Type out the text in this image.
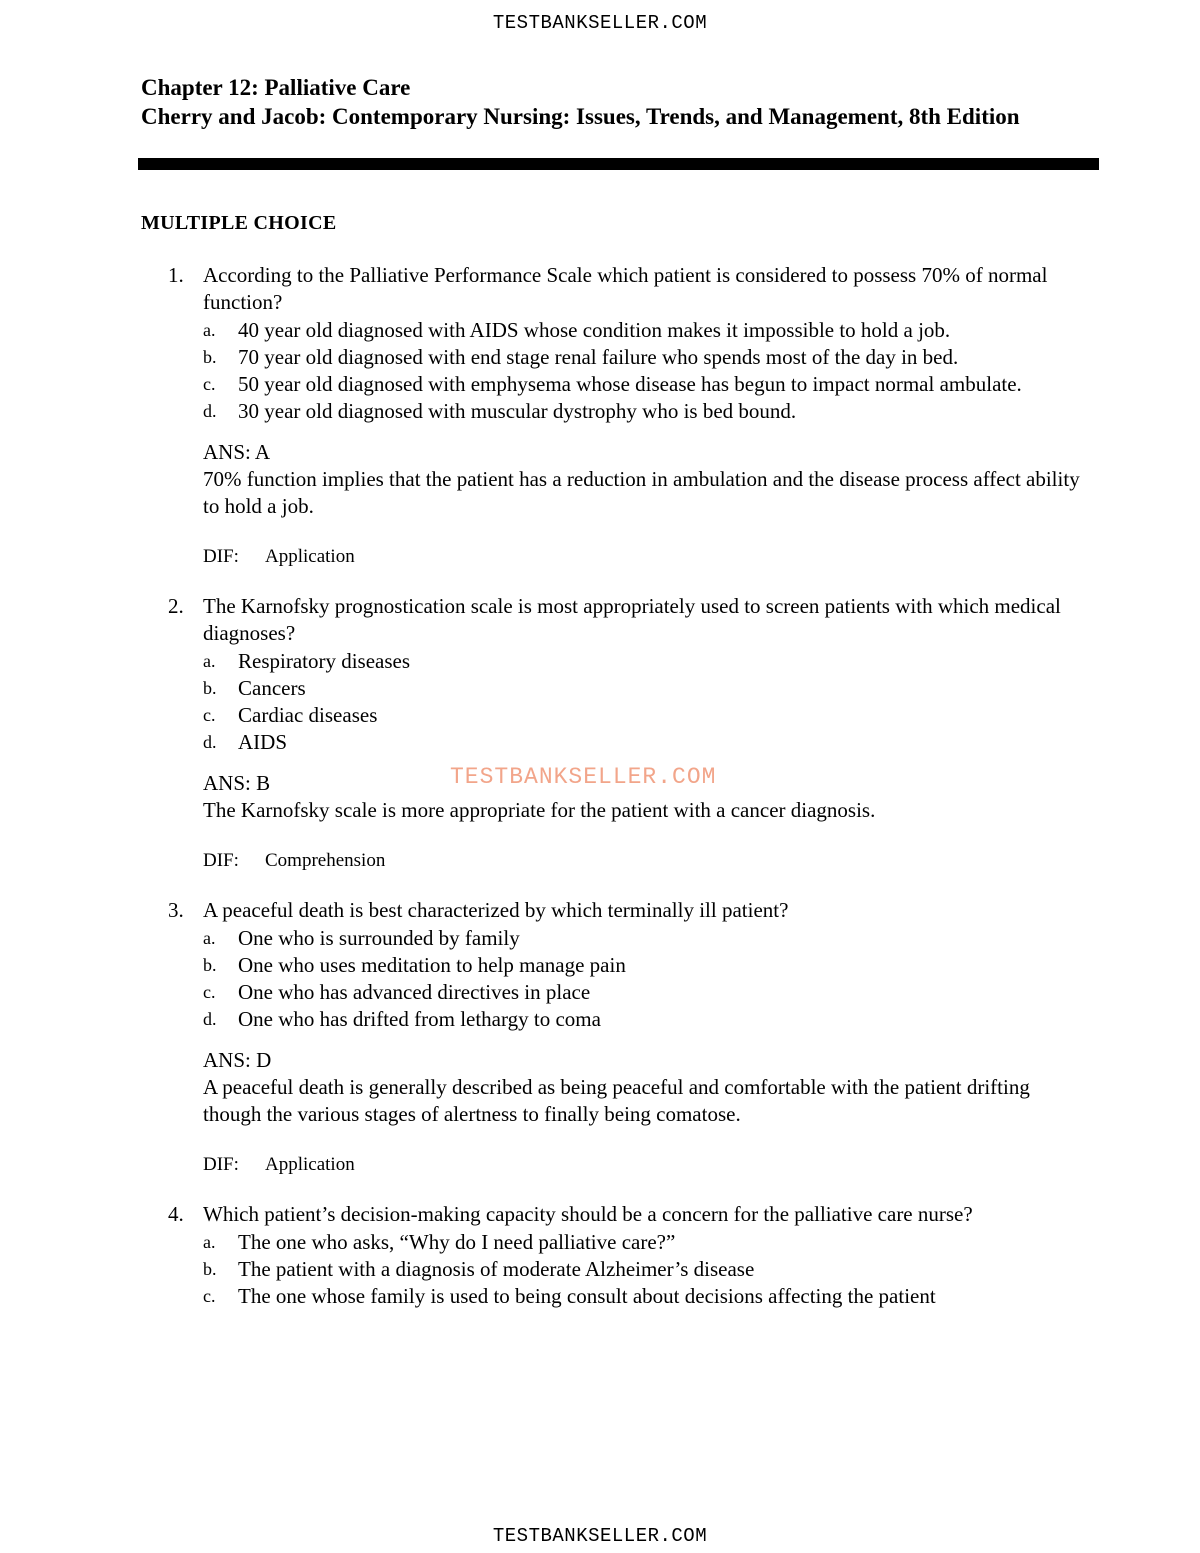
TESTBANKSELLER.COM
Chapter 12: Palliative Care
Cherry and Jacob: Contemporary Nursing: Issues, Trends, and Management, 8th Edition
MULTIPLE CHOICE
1. According to the Palliative Performance Scale which patient is considered to possess 70% of normal function?
a. 40 year old diagnosed with AIDS whose condition makes it impossible to hold a job.
b. 70 year old diagnosed with end stage renal failure who spends most of the day in bed.
c. 50 year old diagnosed with emphysema whose disease has begun to impact normal ambulate.
d. 30 year old diagnosed with muscular dystrophy who is bed bound.
ANS: A
70% function implies that the patient has a reduction in ambulation and the disease process affect ability to hold a job.
DIF: Application
2. The Karnofsky prognostication scale is most appropriately used to screen patients with which medical diagnoses?
a. Respiratory diseases
b. Cancers
c. Cardiac diseases
d. AIDS
ANS: B
The Karnofsky scale is more appropriate for the patient with a cancer diagnosis.
DIF: Comprehension
3. A peaceful death is best characterized by which terminally ill patient?
a. One who is surrounded by family
b. One who uses meditation to help manage pain
c. One who has advanced directives in place
d. One who has drifted from lethargy to coma
ANS: D
A peaceful death is generally described as being peaceful and comfortable with the patient drifting though the various stages of alertness to finally being comatose.
DIF: Application
4. Which patient’s decision-making capacity should be a concern for the palliative care nurse?
a. The one who asks, “Why do I need palliative care?”
b. The patient with a diagnosis of moderate Alzheimer’s disease
c. The one whose family is used to being consult about decisions affecting the patient
TESTBANKSELLER.COM
TESTBANKSELLER.COM
